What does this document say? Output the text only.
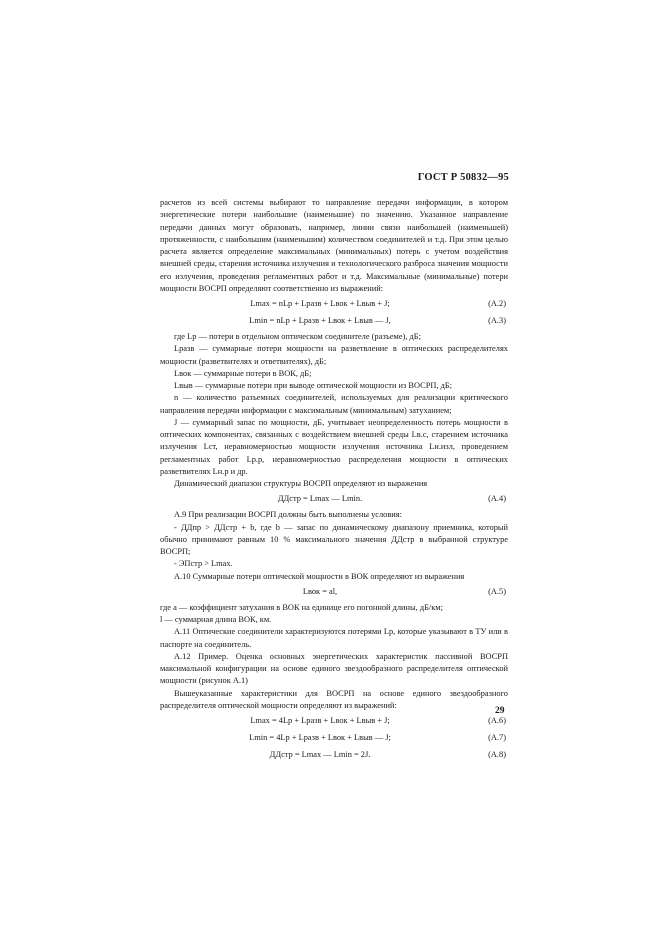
ГОСТ Р 50832—95

расчетов из всей системы выбирают то направление передачи информации, в котором энергетические потери наибольшие (наименьшие) по значению. Указанное направление передачи данных могут образовать, например, линии связи наибольшей (наименьшей) протяженности, с наибольшим (наименьшим) количеством соединителей и т.д. При этом целью расчета является определение максимальных (минимальных) потерь с учетом воздействия внешней среды, старения источника излучения и технологического разброса значения мощности его излучения, проведения регламентных работ и т.д. Максимальные (минимальные) потери мощности ВОСРП определяют соответственно из выражений:

Lmax = nLp + Lpазв + Lвок + Lвыв + J;	(A.2)
Lmin = nLp + Lpазв + Lвок + Lвыв — J,	(A.3)

где Lp — потери в отдельном оптическом соединителе (разъеме), дБ;

Lpазв — суммарные потери мощности на разветвление в оптических распределителях мощности (разветвителях и ответвителях), дБ;

Lвок — суммарные потери в ВОК, дБ;

Lвыв — суммарные потери при выводе оптической мощности из ВОСРП, дБ;

n — количество разъемных соединителей, используемых для реализации критического направления передачи информации с максимальным (минимальным) затуханием;

J — суммарный запас по мощности, дБ, учитывает неопределенность потерь мощности в оптических компонентах, связанных с воздействием внешней среды Lв.с, старением источника излучения Lст, неравномерностью мощности излучения источника Lи.изл, проведением регламентных работ Lр.р, неравномерностью распределения мощности в оптических разветвителях Lн.р и др.

Динамический диапазон структуры ВОСРП определяют из выражения

ДДстр = Lmax — Lmin.	(A.4)

A.9 При реализации ВОСРП должны быть выполнены условия:

- ДДпр > ДДстр + b, где b — запас по динамическому диапазону приемника, который обычно принимают равным 10 % максимального значения ДДстр в выбранной структуре ВОСРП;

- ЭПстр > Lmax.

A.10 Суммарные потери оптической мощности в ВОК определяют из выражения

Lвок = al,	(A.5)

где a — коэффициент затухания в ВОК на единице его погонной длины, дБ/км;

l — суммарная длина ВОК, км.

A.11 Оптические соединители характеризуются потерями Lp, которые указывают в ТУ или в паспорте на соединитель.

A.12 Пример. Оценка основных энергетических характеристик пассивной ВОСРП максимальной конфигурации на основе единого звездообразного распределителя оптической мощности (рисунок A.1)

Вышеуказанные характеристики для ВОСРП на основе единого звездообразного распределителя оптической мощности определяют из выражений:

Lmax = 4Lp + Lpазв + Lвок + Lвыв + J;	(A.6)
Lmin = 4Lp + Lpазв + Lвок + Lвыв — J;	(A.7)
ДДстр = Lmax — Lmin = 2J.	(A.8)
29
